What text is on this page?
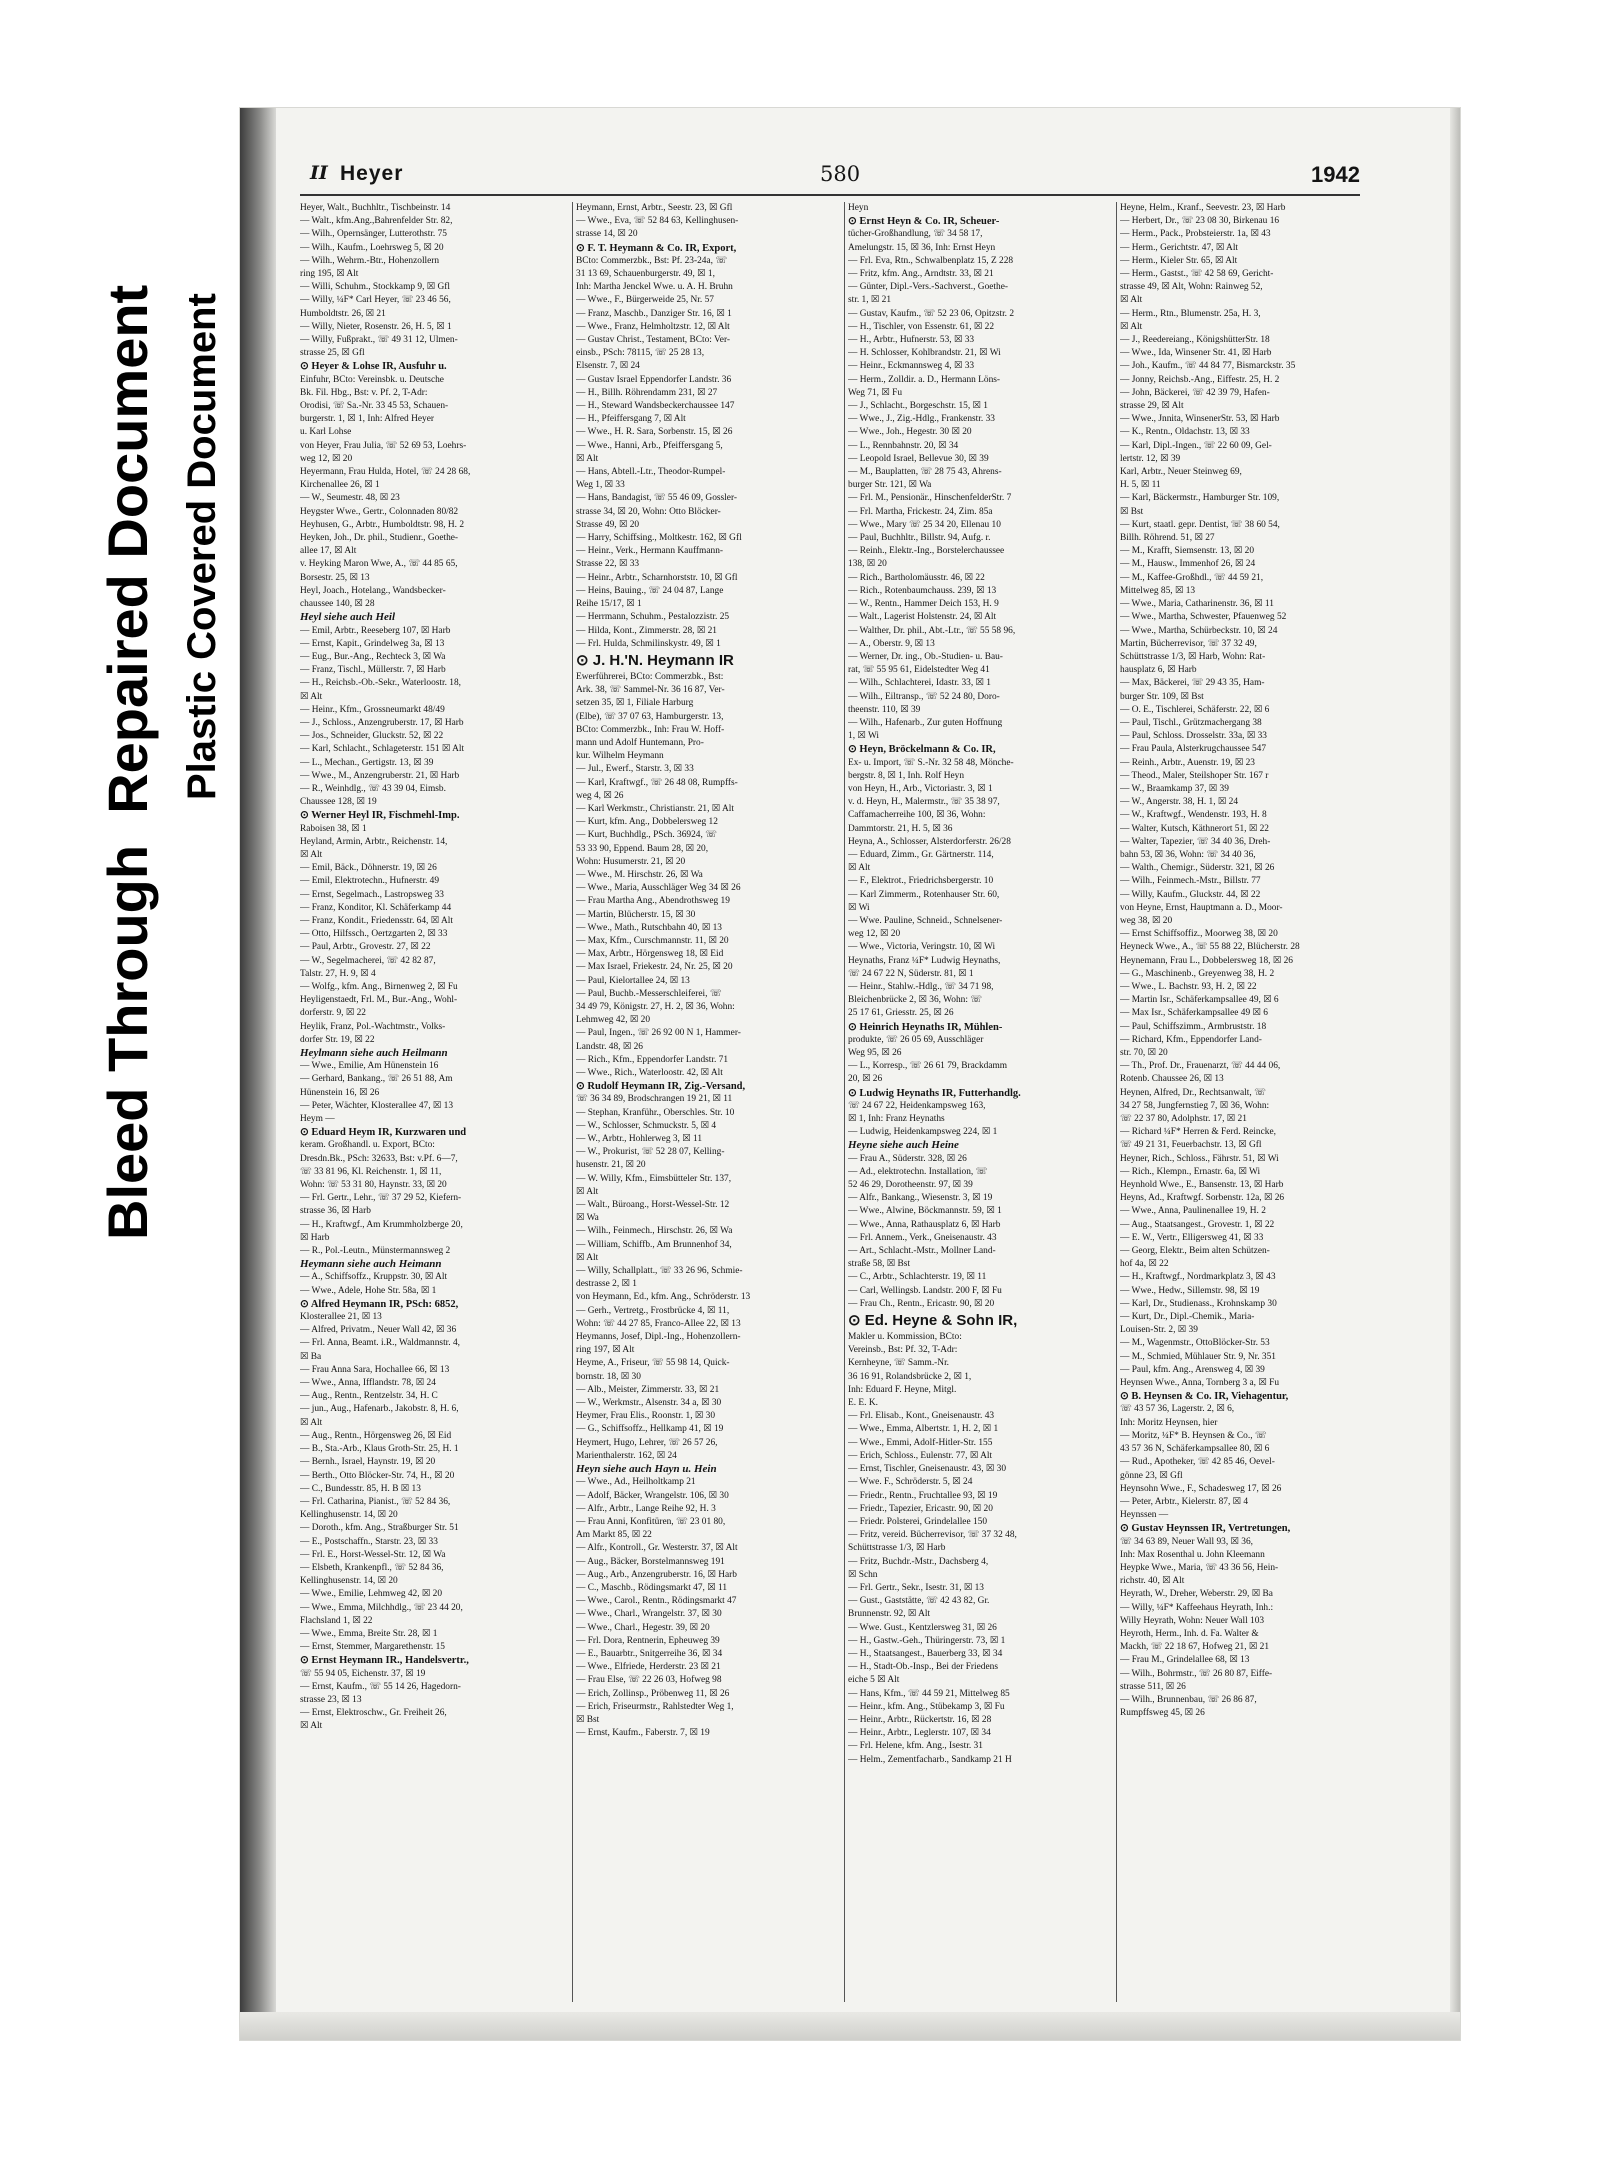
Bleed Through  Repaired Document Plastic Covered Document
II Heyer	580	1942
Heyer, Walt., Buchhltr., Tischbeinstr. 14
— Walt., kfm.Ang.,Bahrenfelder Str. 82,
— Wilh., Opernsänger, Lutterothstr. 75
— Wilh., Kaufm., Loehrsweg 5, ☒ 20
— Wilh., Wehrm.-Btr., Hohenzollern
ring 195, ☒ Alt
— Willi, Schuhm., Stockkamp 9, ☒ Gfl
— Willy, ¼F* Carl Heyer, ☏ 23 46 56,
Humboldtstr. 26, ☒ 21
— Willy, Nieter, Rosenstr. 26, H. 5, ☒ 1
— Willy, Fußprakt., ☏ 49 31 12, Ulmen-
strasse 25, ☒ Gfl
⊙ Heyer & Lohse IR, Ausfuhr u.
Einfuhr, BCto: Vereinsbk. u. Deutsche
Bk. Fil. Hbg., Bst: v. Pf. 2, T-Adr:
Orodisi, ☏ Sa.-Nr. 33 45 53, Schauen-
burgerstr. 1, ☒ 1, Inh: Alfred Heyer
u. Karl Lohse
von Heyer, Frau Julia, ☏ 52 69 53, Loehrs-
weg 12, ☒ 20
Heyermann, Frau Hulda, Hotel, ☏ 24 28 68,
Kirchenallee 26, ☒ 1
— W., Seumestr. 48, ☒ 23
Heygster Wwe., Gertr., Colonnaden 80/82
Heyhusen, G., Arbtr., Humboldtstr. 98, H. 2
Heyken, Joh., Dr. phil., Studienr., Goethe-
allee 17, ☒ Alt
v. Heyking Maron Wwe, A., ☏ 44 85 65,
Borsestr. 25, ☒ 13
Heyl, Joach., Hotelang., Wandsbecker-
chaussee 140, ☒ 28
Heyl siehe auch Heil
— Emil, Arbtr., Reeseberg 107, ☒ Harb
— Ernst, Kapit., Grindelweg 3a, ☒ 13
— Eug., Bur.-Ang., Rechteck 3, ☒ Wa
— Franz, Tischl., Müllerstr. 7, ☒ Harb
— H., Reichsb.-Ob.-Sekr., Waterloostr. 18,
☒ Alt
— Heinr., Kfm., Grossneumarkt 48/49
— J., Schloss., Anzengruberstr. 17, ☒ Harb
— Jos., Schneider, Gluckstr. 52, ☒ 22
— Karl, Schlacht., Schlageterstr. 151 ☒ Alt
— L., Mechan., Gertigstr. 13, ☒ 39
— Wwe., M., Anzengruberstr. 21, ☒ Harb
— R., Weinhdlg., ☏ 43 39 04, Eimsb.
Chaussee 128, ☒ 19
⊙ Werner Heyl IR, Fischmehl-Imp.
Raboisen 38, ☒ 1
Heyland, Armin, Arbtr., Reichenstr. 14,
☒ Alt
— Emil, Bäck., Döhnerstr. 19, ☒ 26
— Emil, Elektrotechn., Hufnerstr. 49
— Ernst, Segelmach., Lastropsweg 33
— Franz, Konditor, Kl. Schäferkamp 44
— Franz, Kondit., Friedensstr. 64, ☒ Alt
— Otto, Hilfssch., Oertzgarten 2, ☒ 33
— Paul, Arbtr., Grovestr. 27, ☒ 22
— W., Segelmacherei, ☏ 42 82 87,
Talstr. 27, H. 9, ☒ 4
— Wolfg., kfm. Ang., Birnenweg 2, ☒ Fu
Heyligenstaedt, Frl. M., Bur.-Ang., Wohl-
dorferstr. 9, ☒ 22
Heylik, Franz, Pol.-Wachtmstr., Volks-
dorfer Str. 19, ☒ 22
Heylmann siehe auch Heilmann
— Wwe., Emilie, Am Hünenstein 16
— Gerhard, Bankang., ☏ 26 51 88, Am
Hünenstein 16, ☒ 26
— Peter, Wächter, Klosterallee 47, ☒ 13
Heym —
⊙ Eduard Heym IR, Kurzwaren und
keram. Großhandl. u. Export, BCto:
Dresdn.Bk., PSch: 32633, Bst: v.Pf. 6—7,
☏ 33 81 96, Kl. Reichenstr. 1, ☒ 11,
Wohn: ☏ 53 31 80, Haynstr. 33, ☒ 20
— Frl. Gertr., Lehr., ☏ 37 29 52, Kiefern-
strasse 36, ☒ Harb
— H., Kraftwgf., Am Krummholzberge 20,
☒ Harb
— R., Pol.-Leutn., Münstermannsweg 2
Heymann siehe auch Heimann
— A., Schiffsoffz., Kruppstr. 30, ☒ Alt
— Wwe., Adele, Hohe Str. 58a, ☒ 1
⊙ Alfred Heymann IR, PSch: 6852,
Klosterallee 21, ☒ 13
— Alfred, Privatm., Neuer Wall 42, ☒ 36
— Frl. Anna, Beamt. i.R., Waldmannstr. 4,
☒ Ba
— Frau Anna Sara, Hochallee 66, ☒ 13
— Wwe., Anna, Ifflandstr. 78, ☒ 24
— Aug., Rentn., Rentzelstr. 34, H. C
— jun., Aug., Hafenarb., Jakobstr. 8, H. 6,
☒ Alt
— Aug., Rentn., Hörgensweg 26, ☒ Eid
— B., Sta.-Arb., Klaus Groth-Str. 25, H. 1
— Bernh., Israel, Haynstr. 19, ☒ 20
— Berth., Otto Blöcker-Str. 74, H., ☒ 20
— C., Bundesstr. 85, H. B ☒ 13
— Frl. Catharina, Pianist., ☏ 52 84 36,
Kellinghusenstr. 14, ☒ 20
— Doroth., kfm. Ang., Straßburger Str. 51
— E., Postschaffn., Starstr. 23, ☒ 33
— Frl. E., Horst-Wessel-Str. 12, ☒ Wa
— Elsbeth, Krankenpfl., ☏ 52 84 36,
Kellinghusenstr. 14, ☒ 20
— Wwe., Emilie, Lehmweg 42, ☒ 20
— Wwe., Emma, Milchhdlg., ☏ 23 44 20,
Flachsland 1, ☒ 22
— Wwe., Emma, Breite Str. 28, ☒ 1
— Ernst, Stemmer, Margarethenstr. 15
⊙ Ernst Heymann IR., Handelsvertr.,
☏ 55 94 05, Eichenstr. 37, ☒ 19
— Ernst, Kaufm., ☏ 55 14 26, Hagedorn-
strasse 23, ☒ 13
— Ernst, Elektroschw., Gr. Freiheit 26,
☒ Alt
Heymann, Ernst, Arbtr., Seestr. 23, ☒ Gfl
— Wwe., Eva, ☏ 52 84 63, Kellinghusen-
strasse 14, ☒ 20
⊙ F. T. Heymann & Co. IR, Export,
BCto: Commerzbk., Bst: Pf. 23-24a, ☏
31 13 69, Schauenburgerstr. 49, ☒ 1,
Inh: Martha Jenckel Wwe. u. A. H. Bruhn
— Wwe., F., Bürgerweide 25, Nr. 57
— Franz, Maschb., Danziger Str. 16, ☒ 1
— Wwe., Franz, Helmholtzstr. 12, ☒ Alt
— Gustav Christ., Testament, BCto: Ver-
einsb., PSch: 78115, ☏ 25 28 13,
Elsenstr. 7, ☒ 24
— Gustav Israel Eppendorfer Landstr. 36
— H., Billh. Röhrendamm 231, ☒ 27
— H., Steward Wandsbeckerchaussee 147
— H., Pfeiffersgang 7, ☒ Alt
— Wwe., H. R. Sara, Sorbenstr. 15, ☒ 26
— Wwe., Hanni, Arb., Pfeiffersgang 5,
☒ Alt
— Hans, Abtell.-Ltr., Theodor-Rumpel-
Weg 1, ☒ 33
— Hans, Bandagist, ☏ 55 46 09, Gossler-
strasse 34, ☒ 20, Wohn: Otto Blöcker-
Strasse 49, ☒ 20
— Harry, Schiffsing., Moltkestr. 162, ☒ Gfl
— Heinr., Verk., Hermann Kauffmann-
Strasse 22, ☒ 33
— Heinr., Arbtr., Scharnhorststr. 10, ☒ Gfl
— Heins, Bauing., ☏ 24 04 87, Lange
Reihe 15/17, ☒ 1
— Herrmann, Schuhm., Pestalozzistr. 25
— Hilda, Kont., Zimmerstr. 28, ☒ 21
— Frl. Hulda, Schmilinskystr. 49, ☒ 1
⊙ J. H.'N. Heymann IR
Ewerführerei, BCto: Commerzbk., Bst:
Ark. 38, ☏ Sammel-Nr. 36 16 87, Ver-
setzen 35, ☒ 1, Filiale Harburg
(Elbe), ☏ 37 07 63, Hamburgerstr. 13,
BCto: Commerzbk., Inh: Frau W. Hoff-
mann und Adolf Huntemann, Pro-
kur. Wilhelm Heymann
— Jul., Ewerf., Starstr. 3, ☒ 33
— Karl, Kraftwgf., ☏ 26 48 08, Rumpffs-
weg 4, ☒ 26
— Karl Werkmstr., Christianstr. 21, ☒ Alt
— Kurt, kfm. Ang., Dobbelersweg 12
— Kurt, Buchhdlg., PSch. 36924, ☏
53 33 90, Eppend. Baum 28, ☒ 20,
Wohn: Husumerstr. 21, ☒ 20
— Wwe., M. Hirschstr. 26, ☒ Wa
— Wwe., Maria, Ausschläger Weg 34 ☒ 26
— Frau Martha Ang., Abendrothsweg 19
— Martin, Blücherstr. 15, ☒ 30
— Wwe., Math., Rutschbahn 40, ☒ 13
— Max, Kfm., Curschmannstr. 11, ☒ 20
— Max, Arbtr., Hörgensweg 18, ☒ Eid
— Max Israel, Friekestr. 24, Nr. 25, ☒ 20
— Paul, Kielortallee 24, ☒ 13
— Paul, Buchb.-Messerschleiferei, ☏
34 49 79, Königstr. 27, H. 2, ☒ 36, Wohn:
Lehmweg 42, ☒ 20
— Paul, Ingen., ☏ 26 92 00 N 1, Hammer-
Landstr. 48, ☒ 26
— Rich., Kfm., Eppendorfer Landstr. 71
— Wwe., Rich., Waterloostr. 42, ☒ Alt
⊙ Rudolf Heymann IR, Zig.-Versand,
☏ 36 34 89, Brodschrangen 19 21, ☒ 11
— Stephan, Kranführ., Oberschles. Str. 10
— W., Schlosser, Schmuckstr. 5, ☒ 4
— W., Arbtr., Hohlerweg 3, ☒ 11
— W., Prokurist, ☏ 52 28 07, Kelling-
husenstr. 21, ☒ 20
— W. Willy, Kfm., Eimsbütteler Str. 137,
☒ Alt
— Walt., Büroang., Horst-Wessel-Str. 12
☒ Wa
— Wilh., Feinmech., Hirschstr. 26, ☒ Wa
— William, Schiffb., Am Brunnenhof 34,
☒ Alt
— Willy, Schallplatt., ☏ 33 26 96, Schmie-
destrasse 2, ☒ 1
von Heymann, Ed., kfm. Ang., Schröderstr. 13
— Gerh., Vertretg., Frostbrücke 4, ☒ 11,
Wohn: ☏ 44 27 85, Franco-Allee 22, ☒ 13
Heymanns, Josef, Dipl.-Ing., Hohenzollern-
ring 197, ☒ Alt
Heyme, A., Friseur, ☏ 55 98 14, Quick-
bornstr. 18, ☒ 30
— Alb., Meister, Zimmerstr. 33, ☒ 21
— W., Werkmstr., Alsenstr. 34 a, ☒ 30
Heymer, Frau Elis., Roonstr. 1, ☒ 30
— G., Schiffsoffz., Hellkamp 41, ☒ 19
Heymert, Hugo, Lehrer, ☏ 26 57 26,
Marienthalerstr. 162, ☒ 24
Heyn siehe auch Hayn u. Hein
— Wwe., Ad., Heilholtkamp 21
— Adolf, Bäcker, Wrangelstr. 106, ☒ 30
— Alfr., Arbtr., Lange Reihe 92, H. 3
— Frau Anni, Konfitüren, ☏ 23 01 80,
Am Markt 85, ☒ 22
— Alfr., Kontroll., Gr. Westerstr. 37, ☒ Alt
— Aug., Bäcker, Borstelmannsweg 191
— Aug., Arb., Anzengruberstr. 16, ☒ Harb
— C., Maschb., Rödingsmarkt 47, ☒ 11
— Wwe., Carol., Rentn., Rödingsmarkt 47
— Wwe., Charl., Wrangelstr. 37, ☒ 30
— Wwe., Charl., Hegestr. 39, ☒ 20
— Frl. Dora, Rentnerin, Epheuweg 39
— E., Bauarbtr., Snitgerreihe 36, ☒ 34
— Wwe., Elfriede, Herderstr. 23 ☒ 21
— Frau Else, ☏ 22 26 03, Hofweg 98
— Erich, Zollinsp., Pröbenweg 11, ☒ 26
— Erich, Friseurmstr., Rahlstedter Weg 1,
☒ Bst
— Ernst, Kaufm., Faberstr. 7, ☒ 19
Heyn
⊙ Ernst Heyn & Co. IR, Scheuer-
tücher-Großhandlung, ☏ 34 58 17,
Amelungstr. 15, ☒ 36, Inh: Ernst Heyn
— Frl. Eva, Rtn., Schwalbenplatz 15, Z 228
— Fritz, kfm. Ang., Arndtstr. 33, ☒ 21
— Günter, Dipl.-Vers.-Sachverst., Goethe-
str. 1, ☒ 21
— Gustav, Kaufm., ☏ 52 23 06, Opitzstr. 2
— H., Tischler, von Essenstr. 61, ☒ 22
— H., Arbtr., Hufnerstr. 53, ☒ 33
— H. Schlosser, Kohlbrandstr. 21, ☒ Wi
— Heinr., Eckmannsweg 4, ☒ 33
— Herm., Zolldir. a. D., Hermann Löns-
Weg 71, ☒ Fu
— J., Schlacht., Borgeschstr. 15, ☒ 1
— Wwe., J., Zig.-Hdlg., Frankenstr. 33
— Wwe., Joh., Hegestr. 30 ☒ 20
— L., Rennbahnstr. 20, ☒ 34
— Leopold Israel, Bellevue 30, ☒ 39
— M., Bauplatten, ☏ 28 75 43, Ahrens-
burger Str. 121, ☒ Wa
— Frl. M., Pensionär., HinschenfelderStr. 7
— Frl. Martha, Frickestr. 24, Zim. 85a
— Wwe., Mary ☏ 25 34 20, Ellenau 10
— Paul, Buchhltr., Billstr. 94, Aufg. r.
— Reinh., Elektr.-Ing., Borstelerchaussee
138, ☒ 20
— Rich., Bartholomäusstr. 46, ☒ 22
— Rich., Rotenbaumchauss. 239, ☒ 13
— W., Rentn., Hammer Deich 153, H. 9
— Walt., Lagerist Holstenstr. 24, ☒ Alt
— Walther, Dr. phil., Abt.-Ltr., ☏ 55 58 96,
— A., Oberstr. 9, ☒ 13
— Werner, Dr. ing., Ob.-Studien- u. Bau-
rat, ☏ 55 95 61, Eidelstedter Weg 41
— Wilh., Schlachterei, Idastr. 33, ☒ 1
— Wilh., Eiltransp., ☏ 52 24 80, Doro-
theenstr. 110, ☒ 39
— Wilh., Hafenarb., Zur guten Hoffnung
1, ☒ Wi
⊙ Heyn, Bröckelmann & Co. IR,
Ex- u. Import, ☏ S.-Nr. 32 58 48, Mönche-
bergstr. 8, ☒ 1, Inh. Rolf Heyn
von Heyn, H., Arb., Victoriastr. 3, ☒ 1
v. d. Heyn, H., Malermstr., ☏ 35 38 97,
Caffamacherreihe 100, ☒ 36, Wohn:
Dammtorstr. 21, H. 5, ☒ 36
Heyna, A., Schlosser, Alsterdorferstr. 26/28
— Eduard, Zimm., Gr. Gärtnerstr. 114,
☒ Alt
— F., Elektrot., Friedrichsbergerstr. 10
— Karl Zimmerm., Rotenhauser Str. 60,
☒ Wi
— Wwe. Pauline, Schneid., Schnelsener-
weg 12, ☒ 20
— Wwe., Victoria, Veringstr. 10, ☒ Wi
Heynaths, Franz ¼F* Ludwig Heynaths,
☏ 24 67 22 N, Süderstr. 81, ☒ 1
— Heinr., Stahlw.-Hdlg., ☏ 34 71 98,
Bleichenbrücke 2, ☒ 36, Wohn: ☏
25 17 61, Griesstr. 25, ☒ 26
⊙ Heinrich Heynaths IR, Mühlen-
produkte, ☏ 26 05 69, Ausschläger
Weg 95, ☒ 26
— L., Korresp., ☏ 26 61 79, Brackdamm
20, ☒ 26
⊙ Ludwig Heynaths IR, Futterhandlg.
☏ 24 67 22, Heidenkampsweg 163,
☒ 1, Inh: Franz Heynaths
— Ludwig, Heidenkampsweg 224, ☒ 1
Heyne siehe auch Heine
— Frau A., Süderstr. 328, ☒ 26
— Ad., elektrotechn. Installation, ☏
52 46 29, Dorotheenstr. 97, ☒ 39
— Alfr., Bankang., Wiesenstr. 3, ☒ 19
— Wwe., Alwine, Böckmannstr. 59, ☒ 1
— Wwe., Anna, Rathausplatz 6, ☒ Harb
— Frl. Annem., Verk., Gneisenaustr. 43
— Art., Schlacht.-Mstr., Mollner Land-
straße 58, ☒ Bst
— C., Arbtr., Schlachterstr. 19, ☒ 11
— Carl, Wellingsb. Landstr. 200 F, ☒ Fu
— Frau Ch., Rentn., Ericastr. 90, ☒ 20
⊙ Ed. Heyne & Sohn IR,
Makler u. Kommission, BCto:
Vereinsb., Bst: Pf. 32, T-Adr:
Kernheyne, ☏ Samm.-Nr.
36 16 91, Rolandsbrücke 2, ☒ 1,
Inh: Eduard F. Heyne, Mitgl.
E. E. K.
— Frl. Elisab., Kont., Gneisenaustr. 43
— Wwe., Emma, Albertstr. 1, H. 2, ☒ 1
— Wwe., Emmi, Adolf-Hitler-Str. 155
— Erich, Schloss., Eulenstr. 77, ☒ Alt
— Ernst, Tischler, Gneisenaustr. 43, ☒ 30
— Wwe. F., Schröderstr. 5, ☒ 24
— Friedr., Rentn., Fruchtallee 93, ☒ 19
— Friedr., Tapezier, Ericastr. 90, ☒ 20
— Friedr. Polsterei, Grindelallee 150
— Fritz, vereid. Bücherrevisor, ☏ 37 32 48,
Schüttstrasse 1/3, ☒ Harb
— Fritz, Buchdr.-Mstr., Dachsberg 4,
☒ Schn
— Frl. Gertr., Sekr., Isestr. 31, ☒ 13
— Gust., Gaststätte, ☏ 42 43 82, Gr.
Brunnenstr. 92, ☒ Alt
— Wwe. Gust., Kentzlersweg 31, ☒ 26
— H., Gastw.-Geh., Thüringerstr. 73, ☒ 1
— H., Staatsangest., Bauerberg 33, ☒ 34
— H., Stadt-Ob.-Insp., Bei der Friedens
eiche 5 ☒ Alt
— Hans, Kfm., ☏ 44 59 21, Mittelweg 85
— Heinr., kfm. Ang., Stübekamp 3, ☒ Fu
— Heinr., Arbtr., Rückertstr. 16, ☒ 28
— Heinr., Arbtr., Leglerstr. 107, ☒ 34
— Frl. Helene, kfm. Ang., Isestr. 31
— Helm., Zementfacharb., Sandkamp 21 H
Heyne, Helm., Kranf., Seevestr. 23, ☒ Harb
— Herbert, Dr., ☏ 23 08 30, Birkenau 16
— Herm., Pack., Probsteierstr. 1a, ☒ 43
— Herm., Gerichtstr. 47, ☒ Alt
— Herm., Kieler Str. 65, ☒ Alt
— Herm., Gastst., ☏ 42 58 69, Gericht-
strasse 49, ☒ Alt, Wohn: Rainweg 52,
☒ Alt
— Herm., Rtn., Blumenstr. 25a, H. 3,
☒ Alt
— J., Reedereiang., KönigshütterStr. 18
— Wwe., Ida, Winsener Str. 41, ☒ Harb
— Joh., Kaufm., ☏ 44 84 77, Bismarckstr. 35
— Jonny, Reichsb.-Ang., Eiffestr. 25, H. 2
— John, Bäckerei, ☏ 42 39 79, Hafen-
strasse 29, ☒ Alt
— Wwe., Jnnita, WinsenerStr. 53, ☒ Harb
— K., Rentn., Oldachstr. 13, ☒ 33
— Karl, Dipl.-Ingen., ☏ 22 60 09, Gel-
lertstr. 12, ☒ 39
Karl, Arbtr., Neuer Steinweg 69,
H. 5, ☒ 11
— Karl, Bäckermstr., Hamburger Str. 109,
☒ Bst
— Kurt, staatl. gepr. Dentist, ☏ 38 60 54,
Billh. Röhrend. 51, ☒ 27
— M., Krafft, Siemsenstr. 13, ☒ 20
— M., Hausw., Immenhof 26, ☒ 24
— M., Kaffee-Großhdl., ☏ 44 59 21,
Mittelweg 85, ☒ 13
— Wwe., Maria, Catharinenstr. 36, ☒ 11
— Wwe., Martha, Schwester, Pfauenweg 52
— Wwe., Martha, Schürbeckstr. 10, ☒ 24
Martin, Bücherrevisor, ☏ 37 32 49,
Schüttstrasse 1/3, ☒ Harb, Wohn: Rat-
hausplatz 6, ☒ Harb
— Max, Bäckerei, ☏ 29 43 35, Ham-
burger Str. 109, ☒ Bst
— O. E., Tischlerei, Schäferstr. 22, ☒ 6
— Paul, Tischl., Grützmachergang 38
— Paul, Schloss. Drosselstr. 33a, ☒ 33
— Frau Paula, Alsterkrugchaussee 547
— Reinh., Arbtr., Auenstr. 19, ☒ 23
— Theod., Maler, Steilshoper Str. 167 r
— W., Braamkamp 37, ☒ 39
— W., Angerstr. 38, H. 1, ☒ 24
— W., Kraftwgf., Wendenstr. 193, H. 8
— Walter, Kutsch, Käthnerort 51, ☒ 22
— Walter, Tapezier, ☏ 34 40 36, Dreh-
bahn 53, ☒ 36, Wohn: ☏ 34 40 36,
— Walth., Chemigr., Süderstr. 321, ☒ 26
— Wilh., Feinmech.-Mstr., Billstr. 77
— Willy, Kaufm., Gluckstr. 44, ☒ 22
von Heyne, Ernst, Hauptmann a. D., Moor-
weg 38, ☒ 20
— Ernst Schiffsoffiz., Moorweg 38, ☒ 20
Heyneck Wwe., A., ☏ 55 88 22, Blücherstr. 28
Heynemann, Frau L., Dobbelersweg 18, ☒ 26
— G., Maschinenb., Greyenweg 38, H. 2
— Wwe., L. Bachstr. 93, H. 2, ☒ 22
— Martin Isr., Schäferkampsallee 49, ☒ 6
— Max Isr., Schäferkampsallee 49 ☒ 6
— Paul, Schiffszimm., Armbruststr. 18
— Richard, Kfm., Eppendorfer Land-
str. 70, ☒ 20
— Th., Prof. Dr., Frauenarzt, ☏ 44 44 06,
Rotenb. Chaussee 26, ☒ 13
Heynen, Alfred, Dr., Rechtsanwalt, ☏
34 27 58, Jungfernstieg 7, ☒ 36, Wohn:
☏ 22 37 80, Adolphstr. 17, ☒ 21
— Richard ¼F* Herren & Ferd. Reincke,
☏ 49 21 31, Feuerbachstr. 13, ☒ Gfl
Heyner, Rich., Schloss., Fährstr. 51, ☒ Wi
— Rich., Klempn., Ernastr. 6a, ☒ Wi
Heynhold Wwe., E., Bansenstr. 13, ☒ Harb
Heyns, Ad., Kraftwgf. Sorbenstr. 12a, ☒ 26
— Wwe., Anna, Paulinenallee 19, H. 2
— Aug., Staatsangest., Grovestr. 1, ☒ 22
— E. W., Vertr., Elligersweg 41, ☒ 33
— Georg, Elektr., Beim alten Schützen-
hof 4a, ☒ 22
— H., Kraftwgf., Nordmarkplatz 3, ☒ 43
— Wwe., Hedw., Sillemstr. 98, ☒ 19
— Karl, Dr., Studienass., Krohnskamp 30
— Kurt, Dr., Dipl.-Chemik., Maria-
Louisen-Str. 2, ☒ 39
— M., Wagenmstr., OttoBlöcker-Str. 53
— M., Schmied, Mühlauer Str. 9, Nr. 351
— Paul, kfm. Ang., Arensweg 4, ☒ 39
Heynsen Wwe., Anna, Tornberg 3 a, ☒ Fu
⊙ B. Heynsen & Co. IR, Viehagentur,
☏ 43 57 36, Lagerstr. 2, ☒ 6,
Inh: Moritz Heynsen, hier
— Moritz, ¼F* B. Heynsen & Co., ☏
43 57 36 N, Schäferkampsallee 80, ☒ 6
— Rud., Apotheker, ☏ 42 85 46, Oevel-
gönne 23, ☒ Gfl
Heynsohn Wwe., F., Schadesweg 17, ☒ 26
— Peter, Arbtr., Kielerstr. 87, ☒ 4
Heynssen —
⊙ Gustav Heynssen IR, Vertretungen,
☏ 34 63 89, Neuer Wall 93, ☒ 36,
Inh: Max Rosenthal u. John Kleemann
Heypke Wwe., Maria, ☏ 43 36 56, Hein-
richstr. 40, ☒ Alt
Heyrath, W., Dreher, Weberstr. 29, ☒ Ba
— Willy, ¼F* Kaffeehaus Heyrath, Inh.:
Willy Heyrath, Wohn: Neuer Wall 103
Heyroth, Herm., Inh. d. Fa. Walter &
Mackh, ☏ 22 18 67, Hofweg 21, ☒ 21
— Frau M., Grindelallee 68, ☒ 13
— Wilh., Bohrmstr., ☏ 26 80 87, Eiffe-
strasse 511, ☒ 26
— Wilh., Brunnenbau, ☏ 26 86 87,
Rumpffsweg 45, ☒ 26
